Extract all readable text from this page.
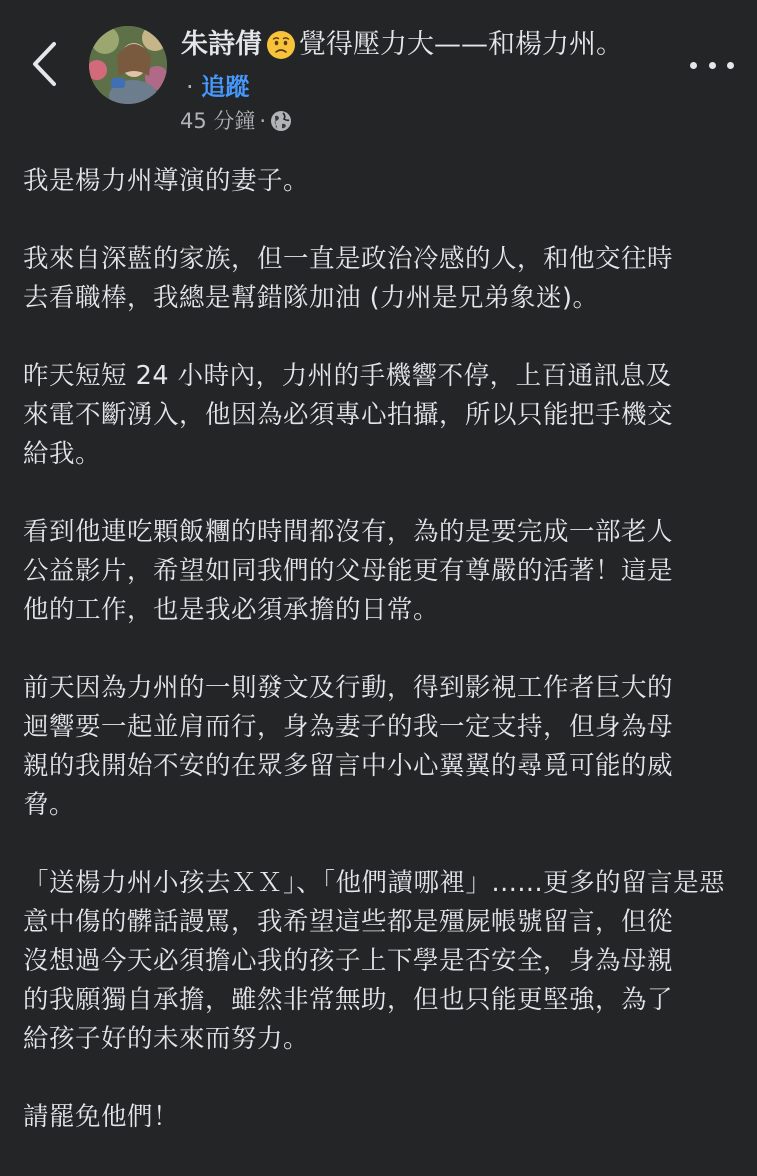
朱詩倩 覺得壓力大——和楊力州。
· 追蹤
45 分鐘 ·

我是楊力州導演的妻子。

我來自深藍的家族，但一直是政治冷感的人，和他交往時
去看職棒，我總是幫錯隊加油 (力州是兄弟象迷)。

昨天短短 24 小時內，力州的手機響不停，上百通訊息及
來電不斷湧入，他因為必須專心拍攝，所以只能把手機交
給我。

看到他連吃顆飯糰的時間都沒有，為的是要完成一部老人
公益影片，希望如同我們的父母能更有尊嚴的活著！這是
他的工作，也是我必須承擔的日常。

前天因為力州的一則發文及行動，得到影視工作者巨大的
迴響要一起並肩而行，身為妻子的我一定支持，但身為母
親的我開始不安的在眾多留言中小心翼翼的尋覓可能的威
脅。

「送楊力州小孩去ＸＸ」、「他們讀哪裡」......更多的留言是惡
意中傷的髒話謾罵，我希望這些都是殭屍帳號留言，但從
沒想過今天必須擔心我的孩子上下學是否安全，身為母親
的我願獨自承擔，雖然非常無助，但也只能更堅強，為了
給孩子好的未來而努力。

請罷免他們！
